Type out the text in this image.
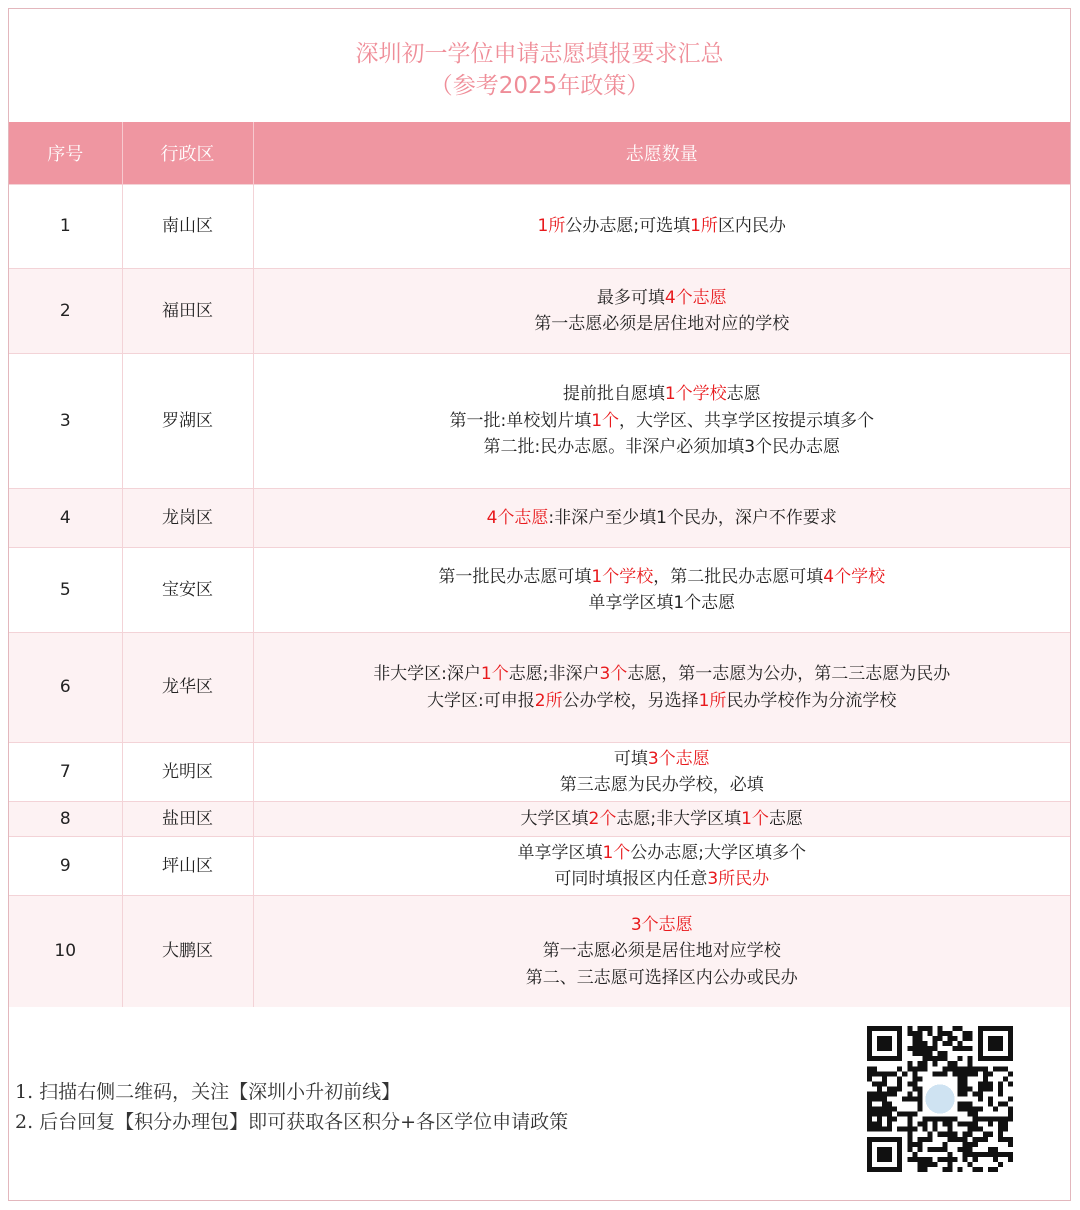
深圳初一学位申请志愿填报要求汇总
（参考2025年政策）
序号	行政区	志愿数量
1	南山区	1所公办志愿;可选填1所区内民办

2	福田区	最多可填4个志愿
第一志愿必须是居住地对应的学校

3	罗湖区	提前批自愿填1个学校志愿
第一批:单校划片填1个，大学区、共享学区按提示填多个
第二批:民办志愿。非深户必须加填3个民办志愿

4	龙岗区	4个志愿:非深户至少填1个民办，深户不作要求

5	宝安区	第一批民办志愿可填1个学校，第二批民办志愿可填4个学校
单享学区填1个志愿

6	龙华区	非大学区:深户1个志愿;非深户3个志愿，第一志愿为公办，第二三志愿为民办
大学区:可申报2所公办学校，另选择1所民办学校作为分流学校

7	光明区	可填3个志愿
第三志愿为民办学校，必填

8	盐田区	大学区填2个志愿;非大学区填1个志愿

9	坪山区	单享学区填1个公办志愿;大学区填多个
可同时填报区内任意3所民办

10	大鹏区	3个志愿
第一志愿必须是居住地对应学校
第二、三志愿可选择区内公办或民办
1. 扫描右侧二维码，关注【深圳小升初前线】
2. 后台回复【积分办理包】即可获取各区积分+各区学位申请政策
